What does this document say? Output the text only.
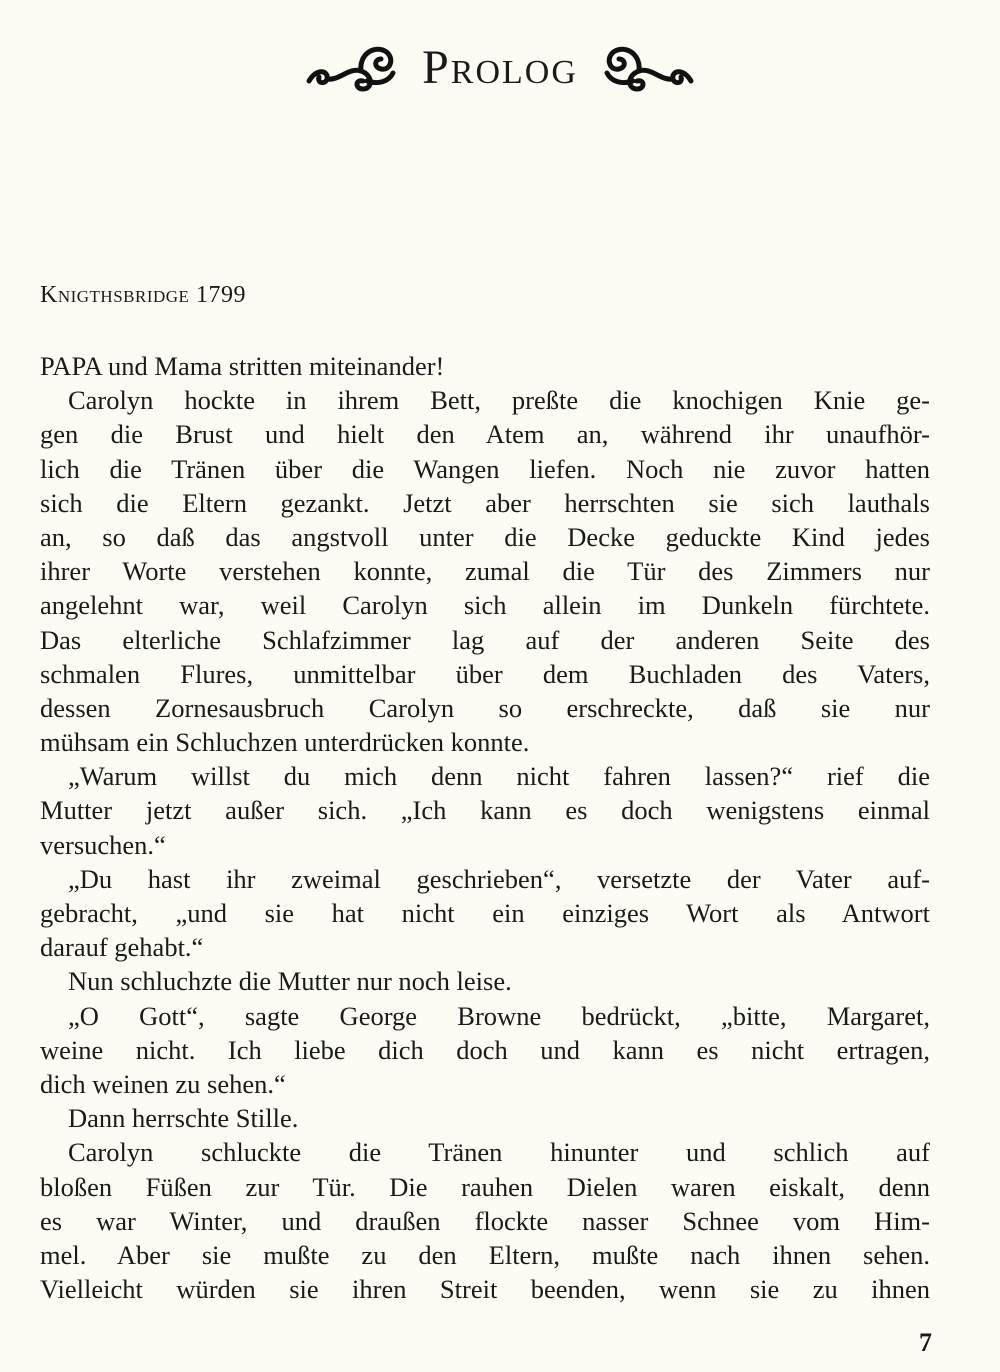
Prolog
Knigthsbridge 1799
PAPA und Mama stritten miteinander!
Carolyn hockte in ihrem Bett, preßte die knochigen Knie ge-
gen die Brust und hielt den Atem an, während ihr unaufhör-
lich die Tränen über die Wangen liefen. Noch nie zuvor hatten
sich die Eltern gezankt. Jetzt aber herrschten sie sich lauthals
an, so daß das angstvoll unter die Decke geduckte Kind jedes
ihrer Worte verstehen konnte, zumal die Tür des Zimmers nur
angelehnt war, weil Carolyn sich allein im Dunkeln fürchtete.
Das elterliche Schlafzimmer lag auf der anderen Seite des
schmalen Flures, unmittelbar über dem Buchladen des Vaters,
dessen Zornesausbruch Carolyn so erschreckte, daß sie nur
mühsam ein Schluchzen unterdrücken konnte.
„Warum willst du mich denn nicht fahren lassen?“ rief die
Mutter jetzt außer sich. „Ich kann es doch wenigstens einmal
versuchen.“
„Du hast ihr zweimal geschrieben“, versetzte der Vater auf-
gebracht, „und sie hat nicht ein einziges Wort als Antwort
darauf gehabt.“
Nun schluchzte die Mutter nur noch leise.
„O Gott“, sagte George Browne bedrückt, „bitte, Margaret,
weine nicht. Ich liebe dich doch und kann es nicht ertragen,
dich weinen zu sehen.“
Dann herrschte Stille.
Carolyn schluckte die Tränen hinunter und schlich auf
bloßen Füßen zur Tür. Die rauhen Dielen waren eiskalt, denn
es war Winter, und draußen flockte nasser Schnee vom Him-
mel. Aber sie mußte zu den Eltern, mußte nach ihnen sehen.
Vielleicht würden sie ihren Streit beenden, wenn sie zu ihnen
7
